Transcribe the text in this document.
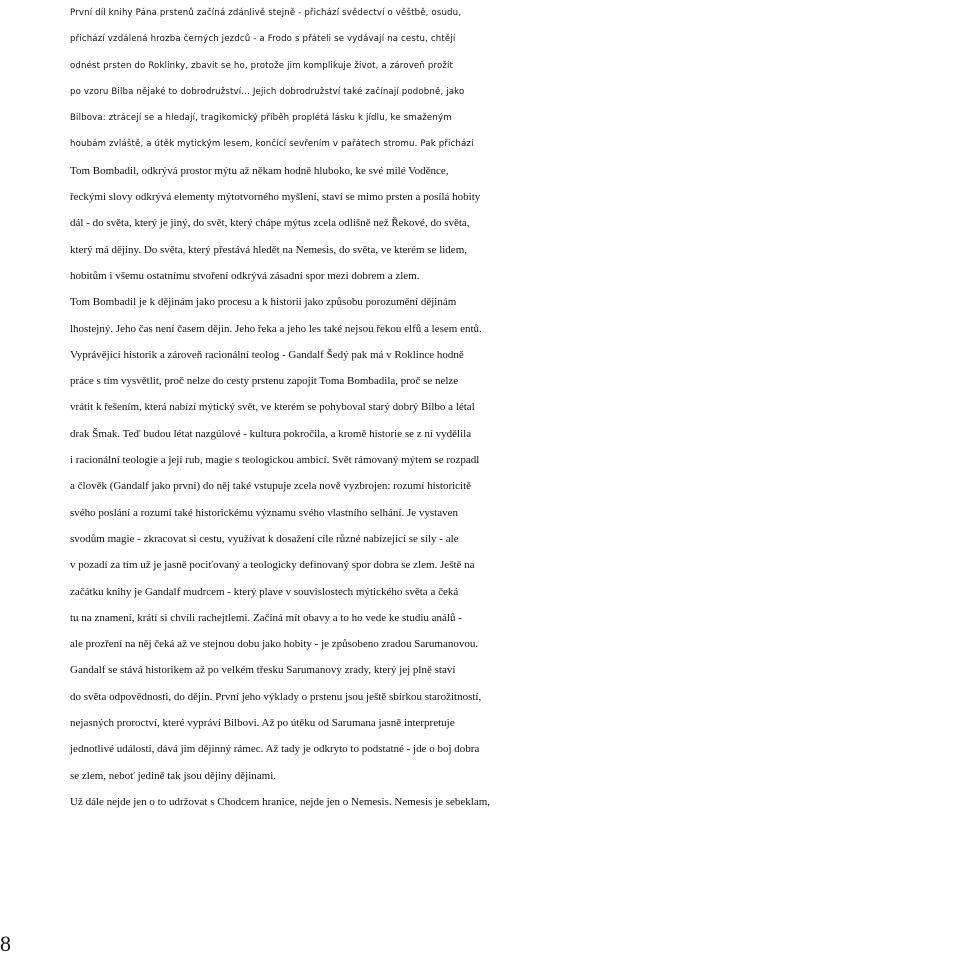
První díl knihy Pána prstenů začíná zdánlivě stejně - přichází svědectví o věštbě, osudu,
přichází vzdálená hrozba černých jezdců - a Frodo s přáteli se vydávají na cestu, chtějí
odnést prsten do Roklinky, zbavit se ho, protože jim komplikuje život, a zároveň prožít
po vzoru Bilba nějaké to dobrodružství... Jejich dobrodružství také začínají podobně, jako
Bilbova: ztrácejí se a hledají, tragikomický příběh proplétá lásku k jídlu, ke smaženým
houbám zvláště, a útěk mytickým lesem, končící sevřením v pařátech stromu. Pak přichází
Tom Bombadil, odkrývá prostor mýtu až někam hodně hluboko, ke své milé Voděnce,
řeckými slovy odkrývá elementy mýtotvorného myšlení, staví se mimo prsten a posílá hobity
dál - do světa, který je jiný, do svět, který chápe mýtus zcela odlišně než Řekové, do světa,
který má dějiny. Do světa, který přestává hledět na Nemesis, do světa, ve kterém se lidem,
hobitům i všemu ostatnímu stvoření odkrývá zásadní spor mezi dobrem a zlem.
Tom Bombadil je k dějinám jako procesu a k historii jako způsobu porozumění dějinám
lhostejný. Jeho čas není časem dějin. Jeho řeka a jeho les také nejsou řekou elfů a lesem entů.
Vyprávějící historik a zároveň racionální teolog - Gandalf Šedý pak má v Roklince hodně
práce s tím vysvětlit, proč nelze do cesty prstenu zapojit Toma Bombadila, proč se nelze
vrátit k řešením, která nabízí mýtický svět, ve kterém se pohyboval starý dobrý Bilbo a létal
drak Šmak. Teď budou létat nazgúlové - kultura pokročila, a kromě historie se z ní vydělila
i racionální teologie a její rub, magie s teologickou ambicí. Svět rámovaný mýtem se rozpadl
a člověk (Gandalf jako první) do něj také vstupuje zcela nově vyzbrojen: rozumí historicitě
svého poslání a rozumí také historickému významu svého vlastního selhání. Je vystaven
svodům magie - zkracovat si cestu, využívat k dosažení cíle různé nabízející se síly - ale
v pozadí za tím už je jasně pociťovaný a teologicky definovaný spor dobra se zlem. Ještě na
začátku knihy je Gandalf mudrcem - který plave v souvislostech mýtického světa a čeká
tu na znamení, krátí si chvíli rachejtlemi. Začíná mít obavy a to ho vede ke studiu análů -
ale prozření na něj čeká až ve stejnou dobu jako hobity - je způsobeno zradou Sarumanovou.
Gandalf se stává historikem až po velkém třesku Sarumanovy zrady, který jej plně staví
do světa odpovědnosti, do dějin. První jeho výklady o prstenu jsou ještě sbírkou starožitností,
nejasných proroctví, které vypráví Bilbovi. Až po útěku od Sarumana jasně interpretuje
jednotlivé události, dává jim dějinný rámec. Až tady je odkryto to podstatné - jde o boj dobra
se zlem, neboť jedině tak jsou dějiny dějinami.
Už dále nejde jen o to udržovat s Chodcem hranice, nejde jen o Nemesis. Nemesis je sebeklam,
8
